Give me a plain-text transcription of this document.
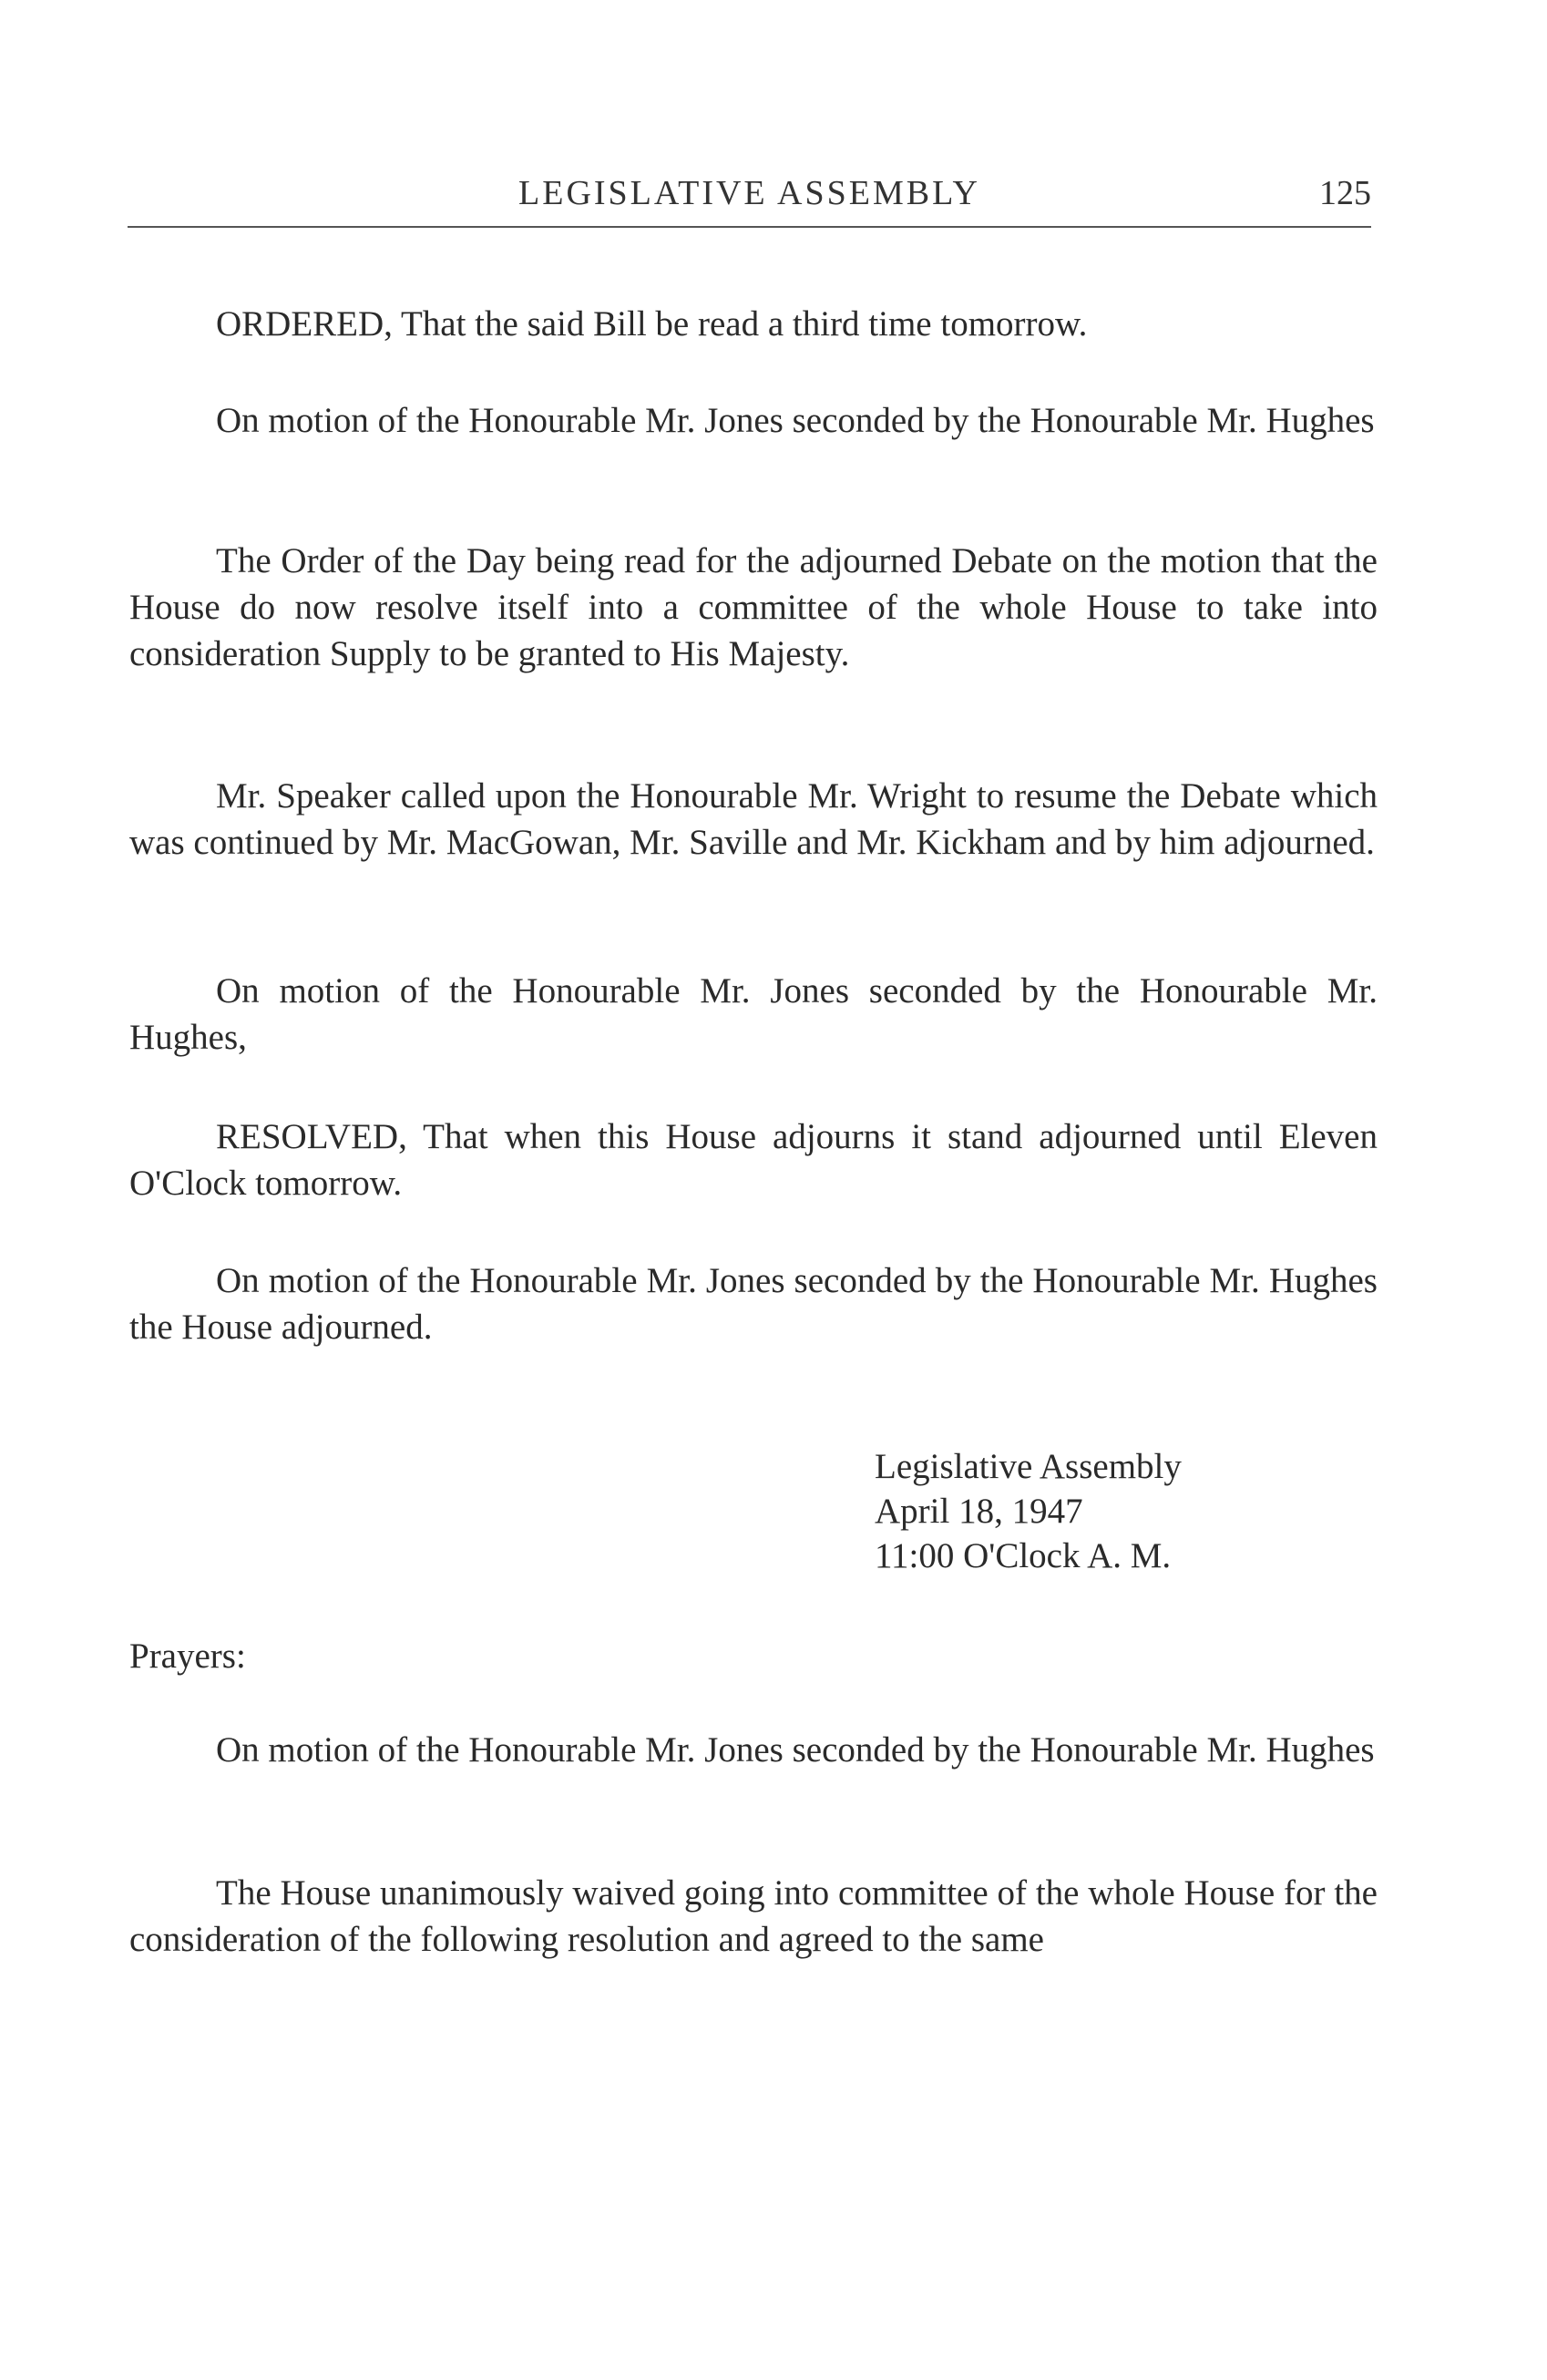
LEGISLATIVE ASSEMBLY	125

ORDERED, That the said Bill be read a third time tomorrow.

On motion of the Honourable Mr. Jones seconded by the Honourable Mr. Hughes

The Order of the Day being read for the adjourned Debate on the motion that the House do now resolve itself into a committee of the whole House to take into consideration Supply to be granted to His Majesty.

Mr. Speaker called upon the Honourable Mr. Wright to resume the Debate which was continued by Mr. MacGowan, Mr. Saville and Mr. Kickham and by him adjourned.

On motion of the Honourable Mr. Jones seconded by the Honourable Mr. Hughes,

RESOLVED, That when this House adjourns it stand adjourned until Eleven O'Clock tomorrow.

On motion of the Honourable Mr. Jones seconded by the Honourable Mr. Hughes the House adjourned.

Legislative Assembly
April 18, 1947
11:00 O'Clock A. M.

Prayers:

On motion of the Honourable Mr. Jones seconded by the Honourable Mr. Hughes

The House unanimously waived going into committee of the whole House for the consideration of the following resolution and agreed to the same
